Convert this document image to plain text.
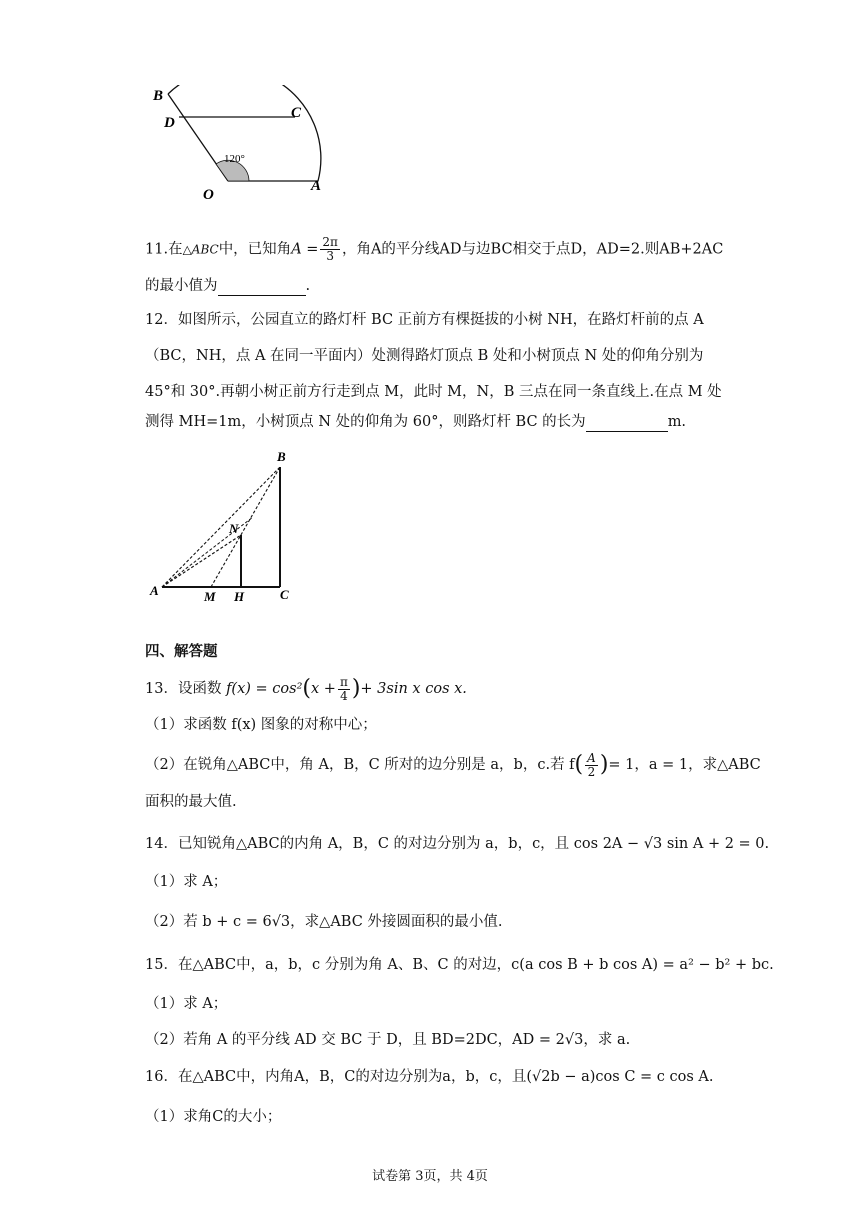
B
C
D
O
A
120°
11.在△ABC中，已知角$A = \frac{2\pi}{3}$ ，角A的平分线AD与边BC相交于点D，AD=2.则AB+2AC
的最小值为	.
12．如图所示，公园直立的路灯杆 BC 正前方有棵挺拔的小树 NH，在路灯杆前的点 A
（BC，NH，点 A 在同一平面内）处测得路灯顶点 B 处和小树顶点 N 处的仰角分别为
45°和 30°.再朝小树正前方行走到点 M，此时 M，N，B 三点在同一条直线上.在点 M 处
测得 MH=1m，小树顶点 N 处的仰角为 60°，则路灯杆 BC 的长为	m.
B
N
A	M H	C
四、解答题
13．设函数 $f(x) = \cos^2(x + \frac{\pi}{4}$ )+ 3sin x cos x.
（1）求函数 f(x) 图象的对称中心；
（2）在锐角△ABC中，角 A，B，C 所对的边分别是 a，b，c.若 $f( \frac{A}{2}$ )= 1，a = 1，求△ABC
面积的最大值.
14．已知锐角△ABC的内角 A，B，C 的对边分别为 a，b，c，且 cos 2A − √3 sin A + 2 = 0.
（1）求 A；
（2）若 b + c = 6√3，求△ABC 外接圆面积的最小值.
15．在△ABC中，a，b，c 分别为角 A、B、C 的对边，c(a cos B + b cos A) = a² − b² + bc.
（1）求 A；
（2）若角 A 的平分线 AD 交 BC 于 D，且 BD=2DC，AD = 2√3，求 a.
16．在△ABC中，内角A，B，C的对边分别为a，b，c，且(√2b − a)cos C = c cos A.
（1）求角C的大小；
试卷第 3页，共 4页
